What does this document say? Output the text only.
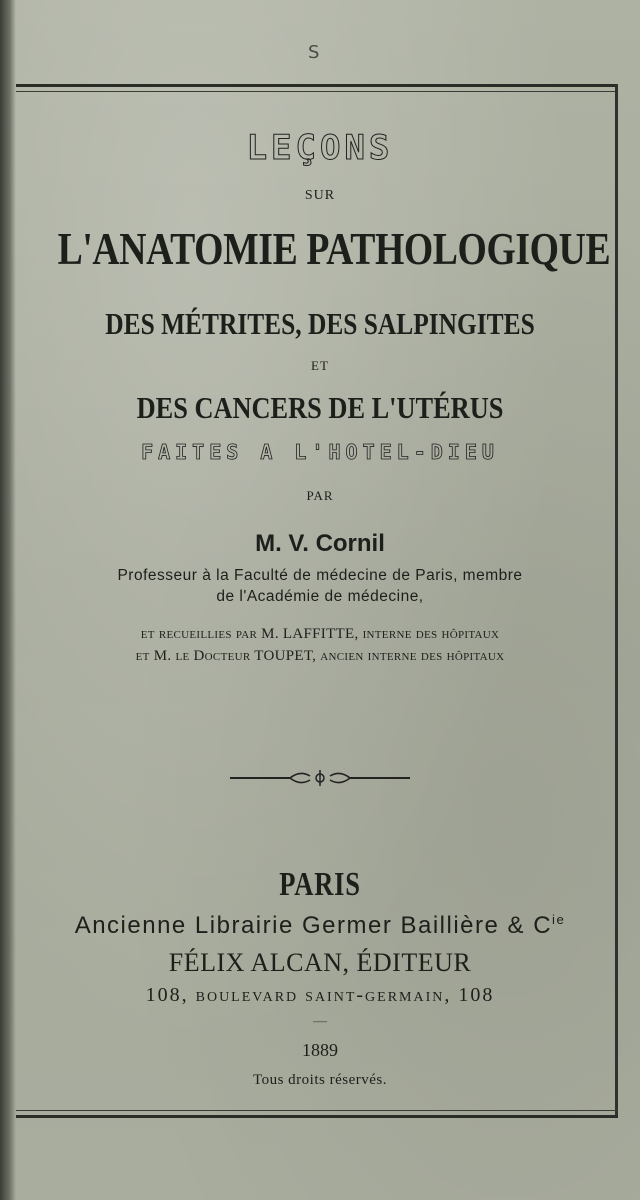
S
LEÇONS
SUR
L'ANATOMIE PATHOLOGIQUE
DES MÉTRITES, DES SALPINGITES
ET
DES CANCERS DE L'UTÉRUS
FAITES A L'HOTEL-DIEU
PAR
M. V. Cornil
Professeur à la Faculté de médecine de Paris, membre
de l'Académie de médecine,
et recueillies par M. LAFFITTE, interne des hôpitaux
et M. le Docteur TOUPET, ancien interne des hôpitaux
PARIS
Ancienne Librairie Germer Baillière & $C^{ie}$
FÉLIX ALCAN, ÉDITEUR
108, boulevard saint-germain, 108
—
1889
Tous droits réservés.
